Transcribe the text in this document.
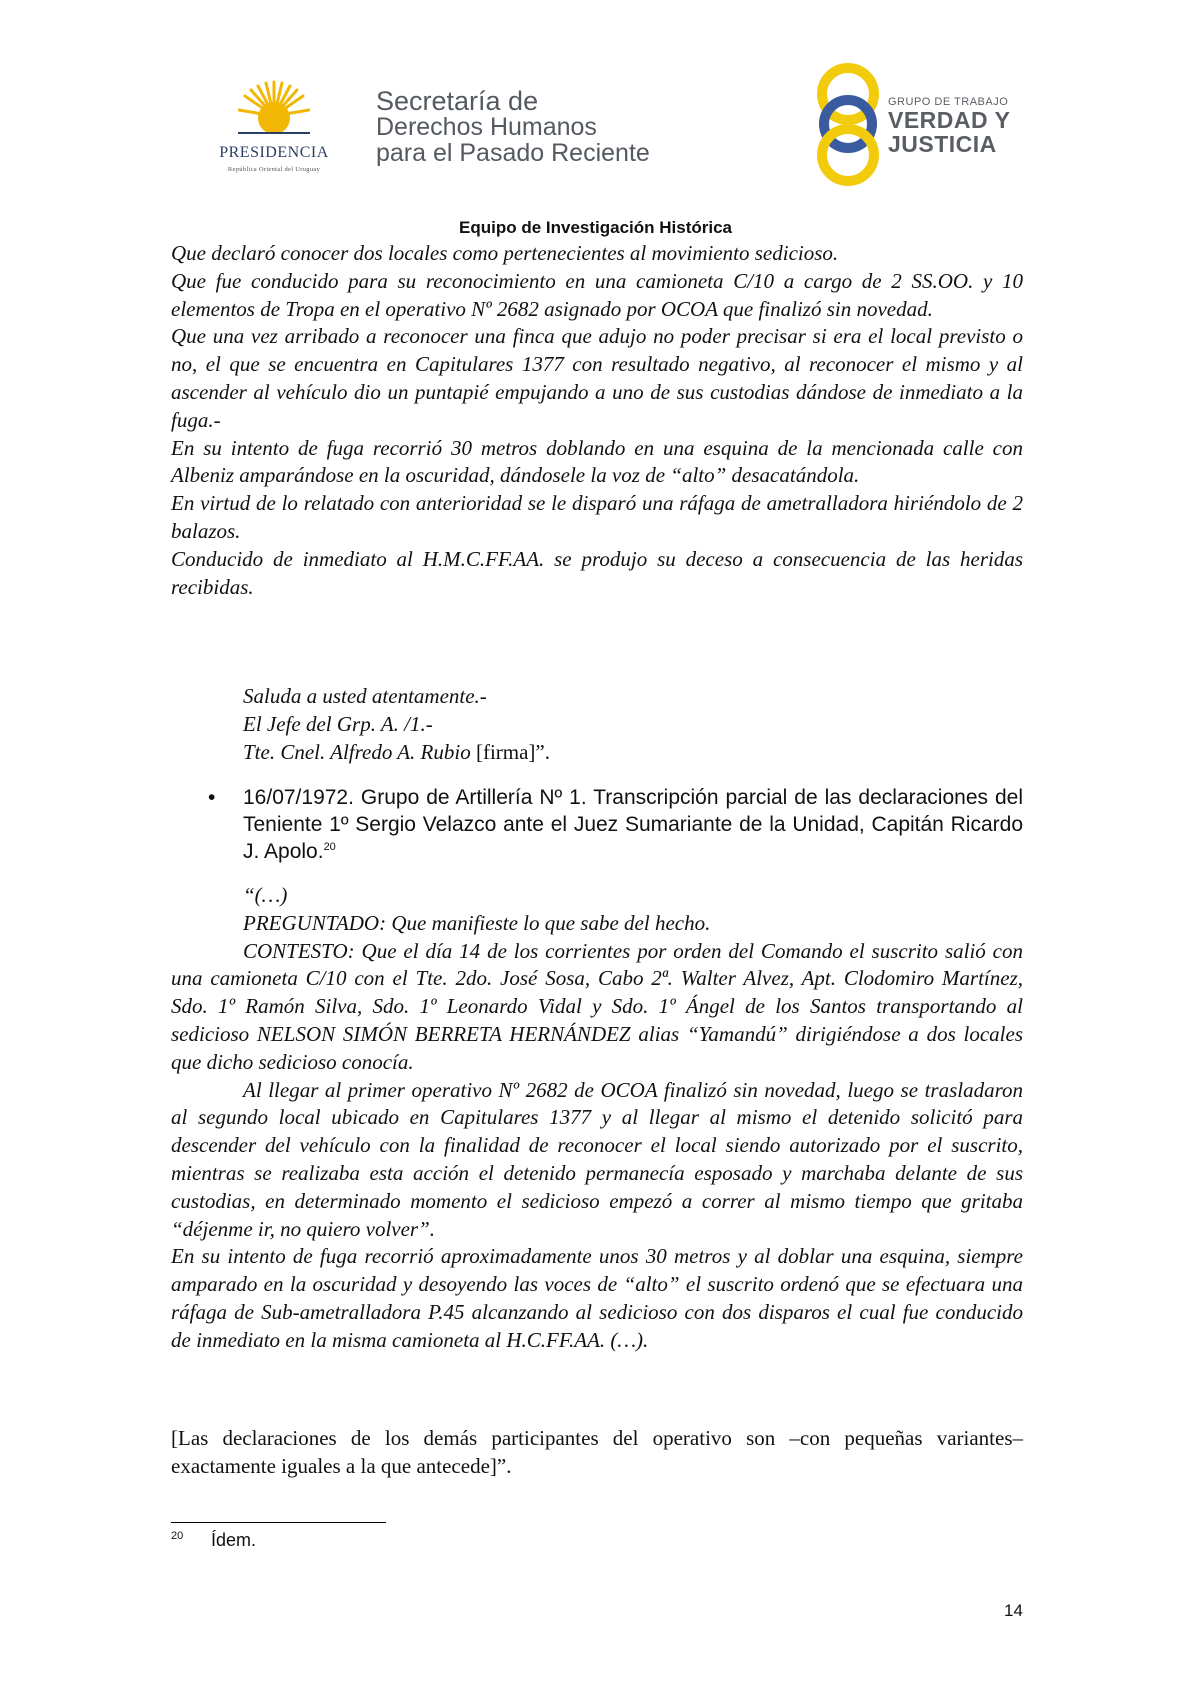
PRESIDENCIA
República Oriental del Uruguay
Secretaría de
Derechos Humanos
para el Pasado Reciente
GRUPO DE TRABAJO
VERDAD Y
JUSTICIA
Equipo de Investigación Histórica

Que declaró conocer dos locales como pertenecientes al movimiento sedicioso.

Que fue conducido para su reconocimiento en una camioneta C/10 a cargo de 2 SS.OO. y 10 elementos de Tropa en el operativo Nº 2682 asignado por OCOA que finalizó sin novedad.

Que una vez arribado a reconocer una finca que adujo no poder precisar si era el local previsto o no, el que se encuentra en Capitulares 1377 con resultado negativo, al reconocer el mismo y al ascender al vehículo dio un puntapié empujando a uno de sus custodias dándose de inmediato a la fuga.-

En su intento de fuga recorrió 30 metros doblando en una esquina de la mencionada calle con Albeniz amparándose en la oscuridad, dándosele la voz de “alto” desacatándola.

En virtud de lo relatado con anterioridad se le disparó una ráfaga de ametralladora hiriéndolo de 2 balazos.

Conducido de inmediato al H.M.C.FF.AA. se produjo su deceso a consecuencia de las heridas recibidas.

Saluda a usted atentamente.-

El Jefe del Grp. A. /1.-

Tte. Cnel. Alfredo A. Rubio [firma]”.

• 16/07/1972. Grupo de Artillería Nº 1. Transcripción parcial de las declaraciones del Teniente 1º Sergio Velazco ante el Juez Sumariante de la Unidad, Capitán Ricardo J. Apolo.$^{20}$

“(…)

PREGUNTADO: Que manifieste lo que sabe del hecho.

CONTESTO: Que el día 14 de los corrientes por orden del Comando el suscrito salió con una camioneta C/10 con el Tte. 2do. José Sosa, Cabo 2ª. Walter Alvez, Apt. Clodomiro Martínez, Sdo. 1º Ramón Silva, Sdo. 1º Leonardo Vidal y Sdo. 1º Ángel de los Santos transportando al sedicioso NELSON SIMÓN BERRETA HERNÁNDEZ alias “Yamandú” dirigiéndose a dos locales que dicho sedicioso conocía.

Al llegar al primer operativo Nº 2682 de OCOA finalizó sin novedad, luego se trasladaron al segundo local ubicado en Capitulares 1377 y al llegar al mismo el detenido solicitó para descender del vehículo con la finalidad de reconocer el local siendo autorizado por el suscrito, mientras se realizaba esta acción el detenido permanecía esposado y marchaba delante de sus custodias, en determinado momento el sedicioso empezó a correr al mismo tiempo que gritaba “déjenme ir, no quiero volver”.

En su intento de fuga recorrió aproximadamente unos 30 metros y al doblar una esquina, siempre amparado en la oscuridad y desoyendo las voces de “alto” el suscrito ordenó que se efectuara una ráfaga de Sub-ametralladora P.45 alcanzando al sedicioso con dos disparos el cual fue conducido de inmediato en la misma camioneta al H.C.FF.AA. (…).

[Las declaraciones de los demás participantes del operativo son –con pequeñas variantes– exactamente iguales a la que antecede]”.
20 Ídem.
14
